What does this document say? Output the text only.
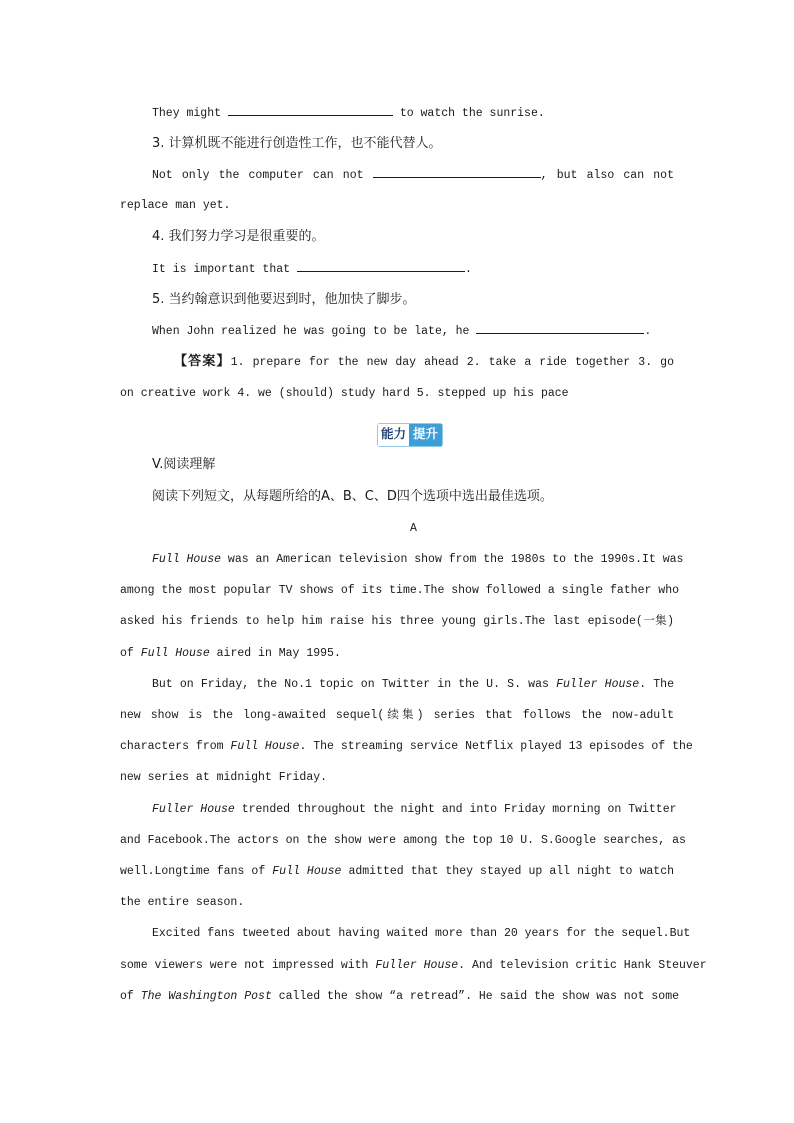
They might	to watch the sunrise.
3. 计算机既不能进行创造性工作，也不能代替人。
Not only the computer can not	, but also can not
replace man yet.
4. 我们努力学习是很重要的。
It is important that	.
5. 当约翰意识到他要迟到时，他加快了脚步。
When John realized he was going to be late, he	.
【答案】1. prepare for the new day ahead 2. take a ride together 3. go
on creative work 4. we (should) study hard 5. stepped up his pace
能力 提升
V.阅读理解
阅读下列短文，从每题所给的A、B、C、D四个选项中选出最佳选项。
A
Full House was an American television show from the 1980s to the 1990s.It was
among the most popular TV shows of its time.The show followed a single father who
asked his friends to help him raise his three young girls.The last episode(一集)
of Full House aired in May 1995.
But on Friday, the No.1 topic on Twitter in the U. S. was Fuller House. The
new show is the long-awaited sequel(续集) series that follows the now-adult
characters from Full House. The streaming service Netflix played 13 episodes of the
new series at midnight Friday.
Fuller House trended throughout the night and into Friday morning on Twitter
and Facebook.The actors on the show were among the top 10 U. S.Google searches, as
well.Longtime fans of Full House admitted that they stayed up all night to watch
the entire season.
Excited fans tweeted about having waited more than 20 years for the sequel.But
some viewers were not impressed with Fuller House. And television critic Hank Steuver
of The Washington Post called the show “a retread”. He said the show was not some
